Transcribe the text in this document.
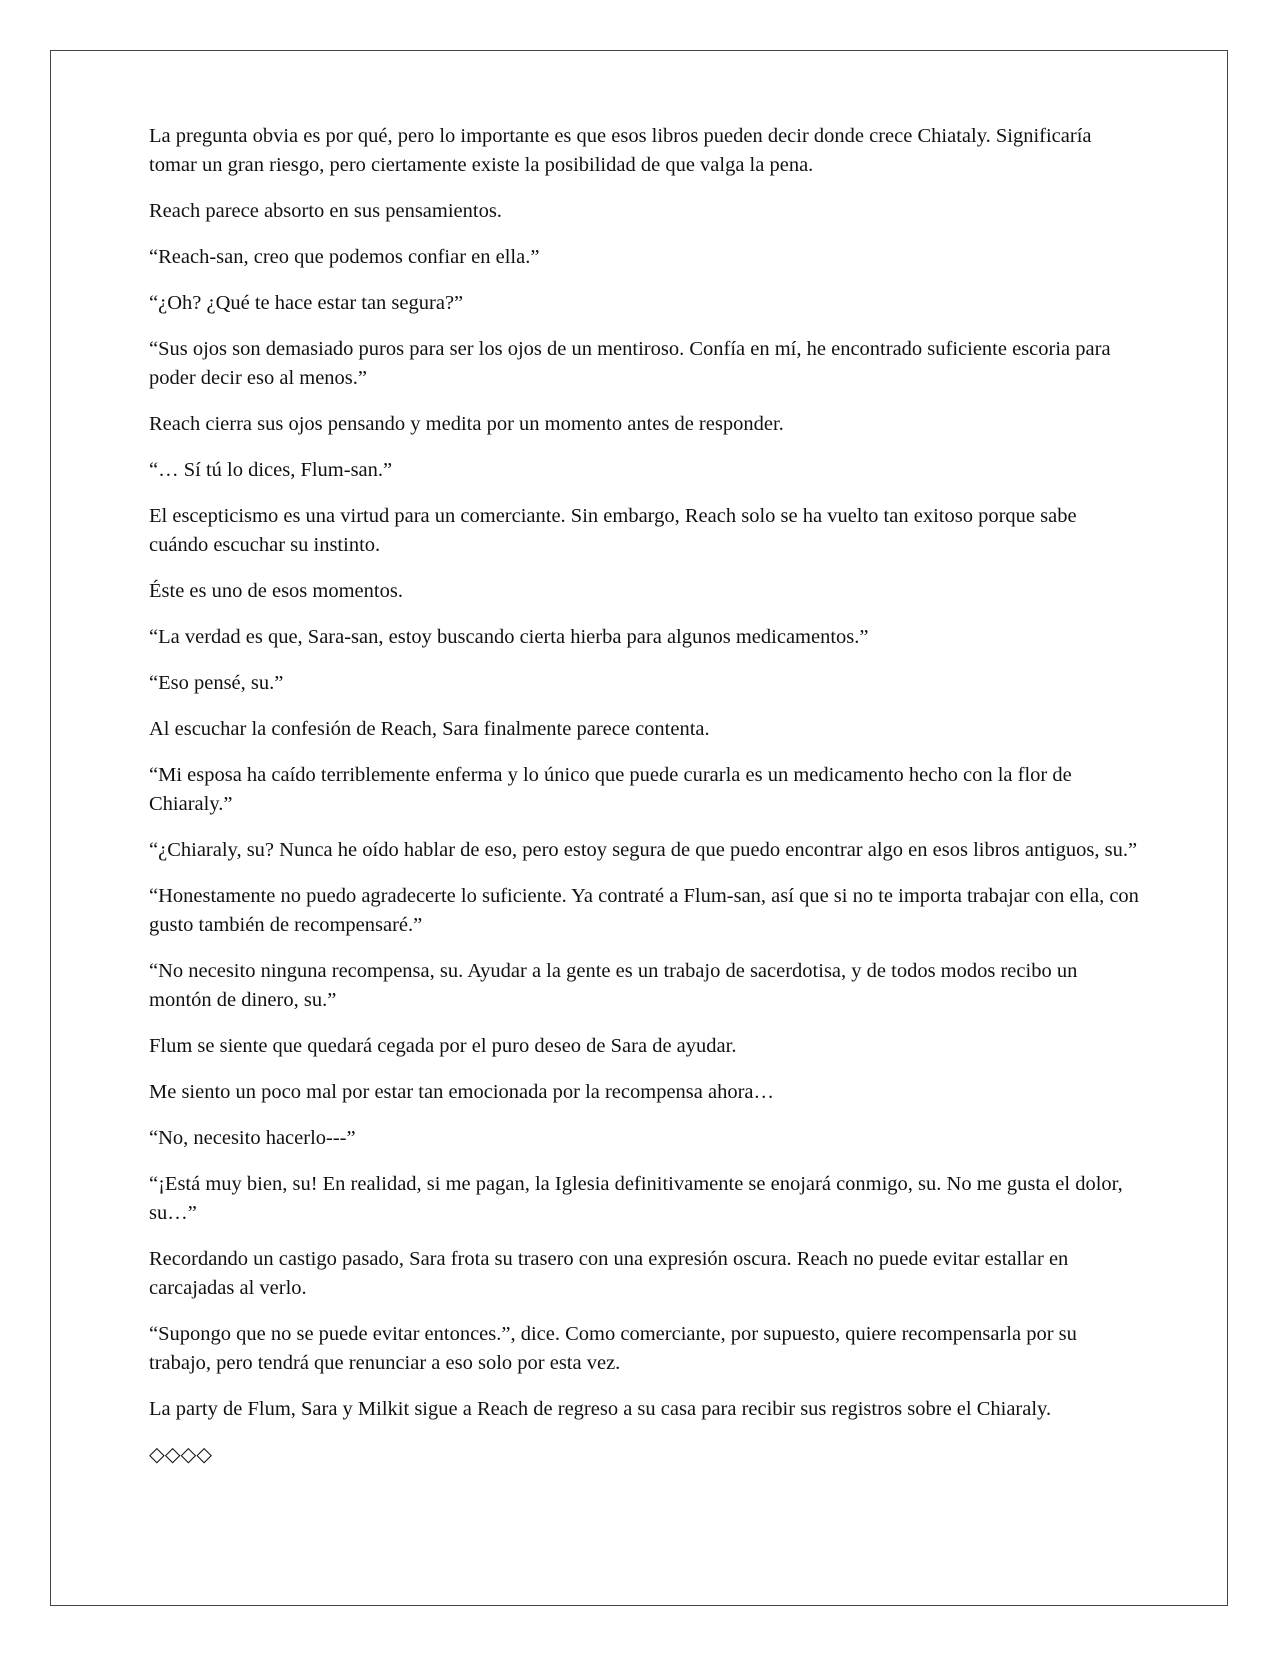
La pregunta obvia es por qué, pero lo importante es que esos libros pueden decir donde crece Chiataly. Significaría tomar un gran riesgo, pero ciertamente existe la posibilidad de que valga la pena.

Reach parece absorto en sus pensamientos.

“Reach-san, creo que podemos confiar en ella.”

“¿Oh? ¿Qué te hace estar tan segura?”

“Sus ojos son demasiado puros para ser los ojos de un mentiroso. Confía en mí, he encontrado suficiente escoria para poder decir eso al menos.”

Reach cierra sus ojos pensando y medita por un momento antes de responder.

“… Sí tú lo dices, Flum-san.”

El escepticismo es una virtud para un comerciante. Sin embargo, Reach solo se ha vuelto tan exitoso porque sabe cuándo escuchar su instinto.

Éste es uno de esos momentos.

“La verdad es que, Sara-san, estoy buscando cierta hierba para algunos medicamentos.”

“Eso pensé, su.”

Al escuchar la confesión de Reach, Sara finalmente parece contenta.

“Mi esposa ha caído terriblemente enferma y lo único que puede curarla es un medicamento hecho con la flor de Chiaraly.”

“¿Chiaraly, su? Nunca he oído hablar de eso, pero estoy segura de que puedo encontrar algo en esos libros antiguos, su.”

“Honestamente no puedo agradecerte lo suficiente. Ya contraté a Flum-san, así que si no te importa trabajar con ella, con gusto también de recompensaré.”

“No necesito ninguna recompensa, su. Ayudar a la gente es un trabajo de sacerdotisa, y de todos modos recibo un montón de dinero, su.”

Flum se siente que quedará cegada por el puro deseo de Sara de ayudar.

Me siento un poco mal por estar tan emocionada por la recompensa ahora…

“No, necesito hacerlo---”

“¡Está muy bien, su! En realidad, si me pagan, la Iglesia definitivamente se enojará conmigo, su. No me gusta el dolor, su…”

Recordando un castigo pasado, Sara frota su trasero con una expresión oscura. Reach no puede evitar estallar en carcajadas al verlo.

“Supongo que no se puede evitar entonces.”, dice. Como comerciante, por supuesto, quiere recompensarla por su trabajo, pero tendrá que renunciar a eso solo por esta vez.

La party de Flum, Sara y Milkit sigue a Reach de regreso a su casa para recibir sus registros sobre el Chiaraly.

◇◇◇◇
